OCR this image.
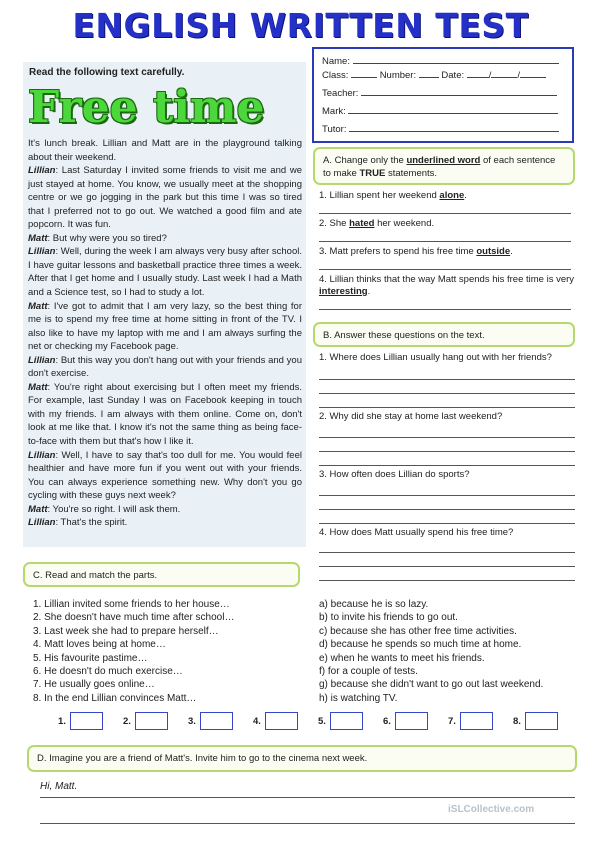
ENGLISH WRITTEN TEST
Read the following text carefully.
Free time
It's lunch break. Lillian and Matt are in the playground talking about their weekend.
Lillian: Last Saturday I invited some friends to visit me and we just stayed at home. You know, we usually meet at the shopping centre or we go jogging in the park but this time I was so tired that I preferred not to go out. We watched a good film and ate popcorn. It was fun.
Matt: But why were you so tired?
Lillian: Well, during the week I am always very busy after school. I have guitar lessons and basketball practice three times a week. After that I get home and I usually study. Last week I had a Math and a Science test, so I had to study a lot.
Matt: I've got to admit that I am very lazy, so the best thing for me is to spend my free time at home sitting in front of the TV. I also like to have my laptop with me and I am always surfing the net or checking my Facebook page.
Lillian: But this way you don't hang out with your friends and you don't exercise.
Matt: You're right about exercising but I often meet my friends. For example, last Sunday I was on Facebook keeping in touch with my friends. I am always with them online. Come on, don't look at me like that. I know it's not the same thing as being face-to-face with them but that's how I like it.
Lillian: Well, I have to say that's too dull for me. You would feel healthier and have more fun if you went out with your friends. You can always experience something new. Why don't you go cycling with these guys next week?
Matt: You're so right. I will ask them.
Lillian: That's the spirit.
Name:
Class:	Number:	Date:	/	/
Teacher:
Mark:
Tutor:
A. Change only the underlined word of each sentence to make TRUE statements.
1. Lillian spent her weekend alone.
2. She hated her weekend.
3. Matt prefers to spend his free time outside.
4. Lillian thinks that the way Matt spends his free time is very interesting.
B. Answer these questions on the text.
1. Where does Lillian usually hang out with her friends?
2. Why did she stay at home last weekend?
3. How often does Lillian do sports?
4. How does Matt usually spend his free time?
C. Read and match the parts.
1. Lillian invited some friends to her house…
2. She doesn't have much time after school…
3. Last week she had to prepare herself…
4. Matt loves being at home…
5. His favourite pastime…
6. He doesn't do much exercise…
7. He usually goes online…
8. In the end Lillian convinces Matt…
a) because he is so lazy.
b) to invite his friends to go out.
c) because she has other free time activities.
d) because he spends so much time at home.
e) when he wants to meet his friends.
f) for a couple of tests.
g) because she didn't want to go out last weekend.
h) is watching TV.
1.	2.	3.	4.	5.	6.	7.	8.
D. Imagine you are a friend of Matt's. Invite him to go to the cinema next week.
Hi, Matt.
iSLCollective.com
